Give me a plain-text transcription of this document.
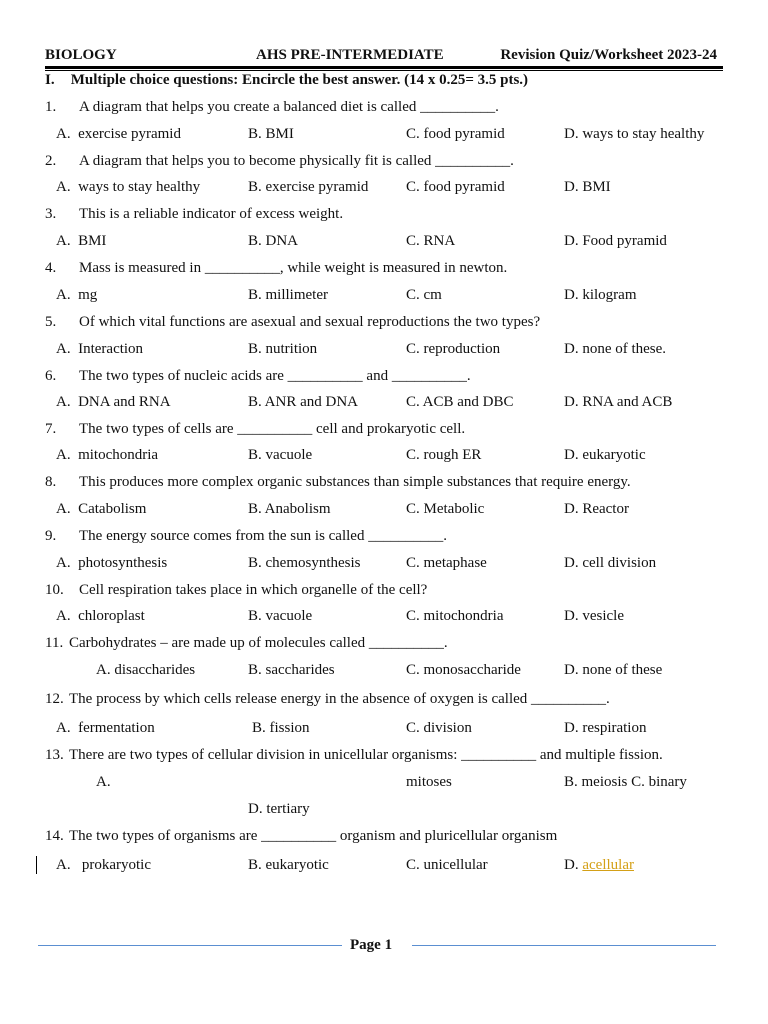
BIOLOGY	AHS PRE-INTERMEDIATE	Revision Quiz/Worksheet 2023-24
I. Multiple choice questions: Encircle the best answer. (14 x 0.25= 3.5 pts.)
1. A diagram that helps you create a balanced diet is called __________.
A. exercise pyramid	B. BMI	C. food pyramid	D. ways to stay healthy
2. A diagram that helps you to become physically fit is called __________.
A. ways to stay healthy	B. exercise pyramid	C. food pyramid	D. BMI
3. This is a reliable indicator of excess weight.
A. BMI	B. DNA	C. RNA	D. Food pyramid
4. Mass is measured in __________, while weight is measured in newton.
A. mg	B. millimeter	C. cm	D. kilogram
5. Of which vital functions are asexual and sexual reproductions the two types?
A. Interaction	B. nutrition	C. reproduction	D. none of these.
6. The two types of nucleic acids are __________ and __________.
A. DNA and RNA	B. ANR and DNA	C. ACB and DBC	D. RNA and ACB
7. The two types of cells are __________ cell and prokaryotic cell.
A. mitochondria	B. vacuole	C. rough ER	D. eukaryotic
8. This produces more complex organic substances than simple substances that require energy.
A. Catabolism	B. Anabolism	C. Metabolic	D. Reactor
9. The energy source comes from the sun is called __________.
A. photosynthesis	B. chemosynthesis	C. metaphase	D. cell division
10. Cell respiration takes place in which organelle of the cell?
A. chloroplast	B. vacuole	C. mitochondria	D. vesicle
11. Carbohydrates – are made up of molecules called __________.
A. disaccharides	B. saccharides	C. monosaccharide	D. none of these
12. The process by which cells release energy in the absence of oxygen is called __________.
A. fermentation	B. fission	C. division	D. respiration
13. There are two types of cellular division in unicellular organisms: __________ and multiple fission.
A.	mitoses	B. meiosis C. binary
D. tertiary
14. The two types of organisms are __________ organism and pluricellular organism
A. prokaryotic	B. eukaryotic	C. unicellular	D. acellular
Page 1
